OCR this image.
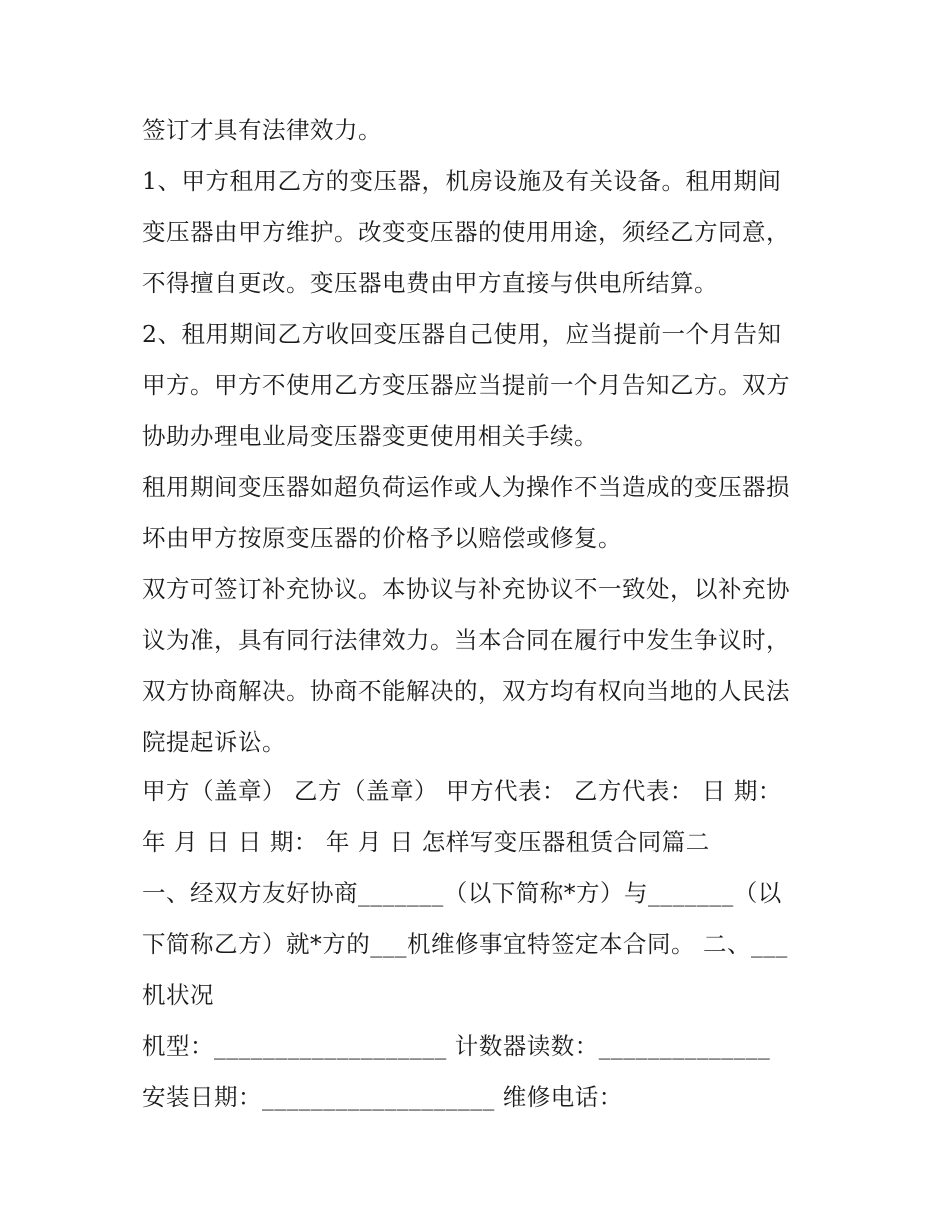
签订才具有法律效力。
1、甲方租用乙方的变压器，机房设施及有关设备。租用期间
变压器由甲方维护。改变变压器的使用用途，须经乙方同意，
不得擅自更改。变压器电费由甲方直接与供电所结算。
2、租用期间乙方收回变压器自己使用，应当提前一个月告知
甲方。甲方不使用乙方变压器应当提前一个月告知乙方。双方
协助办理电业局变压器变更使用相关手续。
租用期间变压器如超负荷运作或人为操作不当造成的变压器损
坏由甲方按原变压器的价格予以赔偿或修复。
双方可签订补充协议。本协议与补充协议不一致处，以补充协
议为准，具有同行法律效力。当本合同在履行中发生争议时，
双方协商解决。协商不能解决的，双方均有权向当地的人民法
院提起诉讼。
甲方（盖章） 乙方（盖章） 甲方代表： 乙方代表： 日 期：
年 月 日 日 期： 年 月 日 怎样写变压器租赁合同篇二
一、经双方友好协商_______（以下简称*方）与_______（以
下简称乙方）就*方的___机维修事宜特签定本合同。 二、___
机状况
机型：___________________ 计数器读数：______________
安装日期：___________________ 维修电话：
